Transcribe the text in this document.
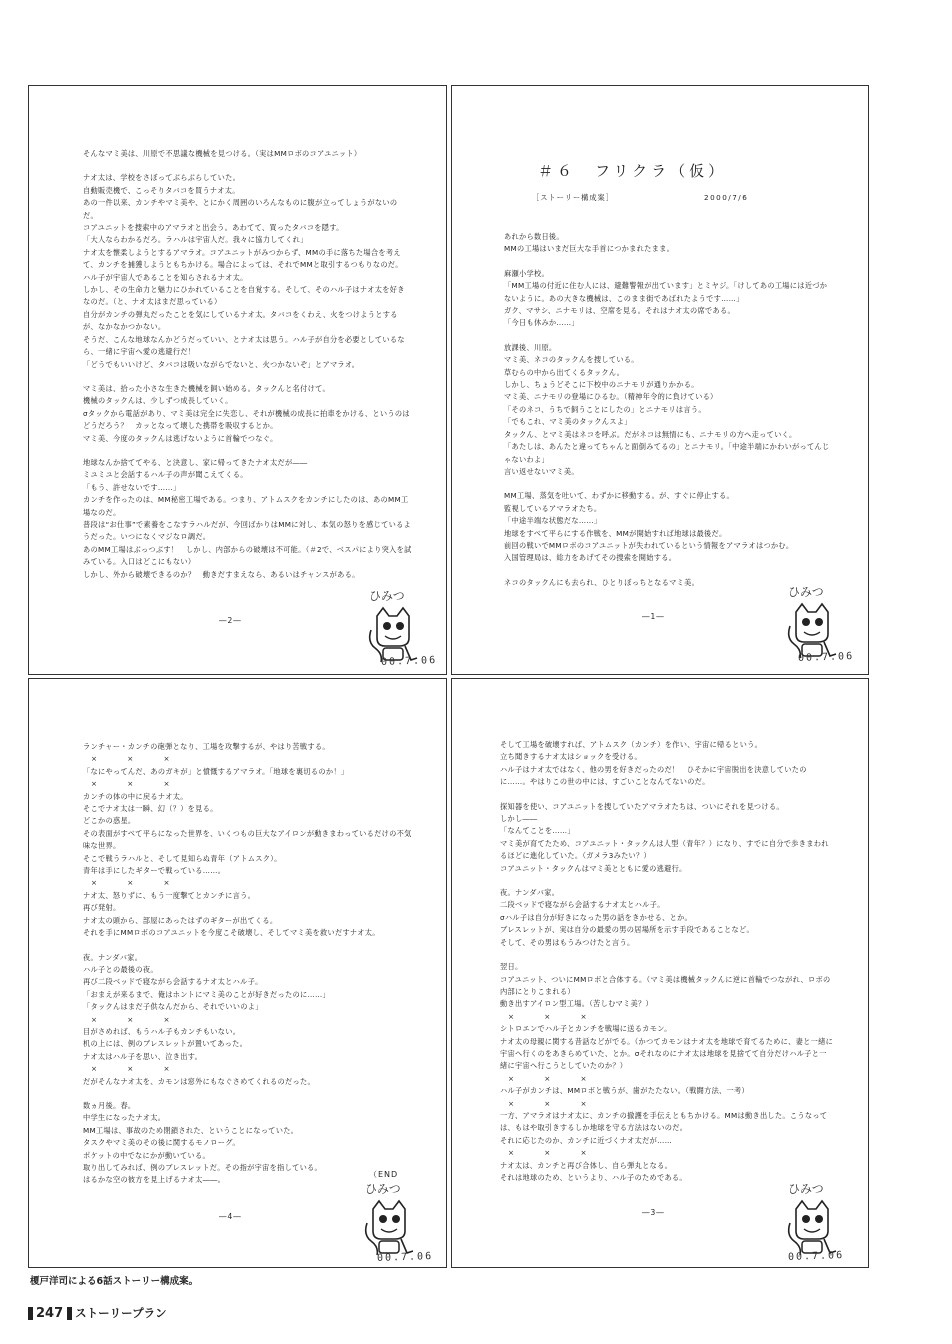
そんなマミ美は、川原で不思議な機械を見つける。（実はMMロボのコアユニット）

ナオ太は、学校をさぼってぶらぶらしていた。

自動販売機で、こっそりタバコを買うナオ太。

あの一件以来、カンチやマミ美や、とにかく周囲のいろんなものに腹が立ってしょうがないのだ。

コアユニットを捜索中のアマラオと出会う。あわてて、買ったタバコを隠す。

「大人ならわかるだろ。ラハルは宇宙人だ。我々に協力してくれ」

ナオ太を懐柔しようとするアマラオ。コアユニットがみつからず、MMの手に落ちた場合を考えて、カンチを捕獲しようともちかける。場合によっては、それでMMと取引するつもりなのだ。

ハル子が宇宙人であることを知らされるナオ太。

しかし、その生命力と魅力にひかれていることを自覚する。そして、そのハル子はナオ太を好きなのだ。（と、ナオ太はまだ思っている）

自分がカンチの弾丸だったことを気にしているナオ太。タバコをくわえ、火をつけようとするが、なかなかつかない。

そうだ、こんな地球なんかどうだっていい、とナオ太は思う。ハル子が自分を必要としているなら、一緒に宇宙へ愛の逃避行だ！

「どうでもいいけど、タバコは吸いながらでないと、火つかないぞ」とアマラオ。

マミ美は、拾った小さな生きた機械を飼い始める。タックんと名付けて。

機械のタックんは、少しずつ成長していく。

σタックから電話があり、マミ美は完全に失恋し、それが機械の成長に拍車をかける、というのはどうだろう？　カッとなって壊した携帯を吸収するとか。

マミ美、今度のタックんは逃げないように首輪でつなぐ。

地球なんか捨ててやる、と決意し、家に帰ってきたナオ太だが――

ミユミユと会話するハル子の声が聞こえてくる。

「もう、許せないです……」

カンチを作ったのは、MM秘密工場である。つまり、アトムスクをカンチにしたのは、あのMM工場なのだ。

普段は“お仕事”で素養をこなすラハルだが、今回ばかりはMMに対し、本気の怒りを感じているようだった。いつになくマジなロ調だ。

あのMM工場はぶっつぶす！　しかし、内部からの破壊は不可能。（＃2で、ベスパにより突入を試みている。入口はどこにもない）

しかし、外から破壊できるのか？　動きだすまえなら、あるいはチャンスがある。

―2―
ひみつ
00.7.06
＃６　フリクラ（仮）
［ストーリー構成案］	2000/7/6

あれから数日後。

MMの工場はいまだ巨大な手首につかまれたまま。

麻瀬小学校。

「MM工場の付近に住む人には、避難警報が出ています」とミヤジ。「けしてあの工場には近づかないように。あの大きな機械は、このまま街であばれたようです……」

ガク、マサシ、ニナモリは、空席を見る。それはナオ太の席である。

「今日も休みか……」

放課後、川原。

マミ美、ネコのタックんを捜している。

草むらの中から出てくるタックん。

しかし、ちょうどそこに下校中のニナモリが通りかかる。

マミ美、ニナモリの登場にひるむ。（精神年令的に負けている）

「そのネコ、うちで飼うことにしたの」とニナモリは言う。

「でもこれ、マミ美のタックんスよ」

タックん、とマミ美はネコを呼ぶ。だがネコは無情にも、ニナモリの方へ走っていく。

「あたしは、あんたと違ってちゃんと面倒みてるの」とニナモリ。「中途半端にかわいがってんじゃないわよ」

言い返せないマミ美。

MM工場、蒸気を吐いて、わずかに移動する。が、すぐに停止する。

監視しているアマラオたち。

「中途半端な状態だな……」

地球をすべて平らにする作戦を、MMが開始すれば地球は最後だ。

前回の戦いでMMロボのコアユニットが失われているという情報をアマラオはつかむ。

入国管理局は、総力をあげてその捜索を開始する。

ネコのタックんにも去られ、ひとりぼっちとなるマミ美。

―1―
ひみつ
00.7.06

ランチャー・カンチの砲弾となり、工場を攻撃するが、やはり苦戦する。

×　　　　×　　　　×

「なにやってんだ、あのガキが」と憤慨するアマラオ。「地球を裏切るのか！」

×　　　　×　　　　×

カンチの体の中に戻るナオ太。

そこでナオ太は一瞬、幻（？）を見る。

どこかの惑星。

その表面がすべて平らになった世界を、いくつもの巨大なアイロンが動きまわっているだけの不気味な世界。

そこで戦うラハルと、そして見知らぬ青年（アトムスク）。

青年は手にしたギターで戦っている……。

×　　　　×　　　　×

ナオ太、怒りずに、もう一度撃てとカンチに言う。

再び発射。

ナオ太の頭から、部屋にあったはずのギターが出てくる。

それを手にMMロボのコアユニットを今度こそ破壊し、そしてマミ美を救いだすナオ太。

夜。ナンダバ家。

ハル子との最後の夜。

再び二段ベッドで寝ながら会話するナオ太とハル子。

「おまえが来るまで、俺はホントにマミ美のことが好きだったのに……」

「タックんはまだ子供なんだから、それでいいのよ」

×　　　　×　　　　×

目がさめれば、もうハル子もカンチもいない。

机の上には、例のブレスレットが置いてあった。

ナオ太はハル子を思い、泣き出す。

×　　　　×　　　　×

だがそんなナオ太を、カモンは窓外にもなぐさめてくれるのだった。

数ヵ月後。春。

中学生になったナオ太。

MM工場は、事故のため閉鎖された、ということになっていた。

タスクやマミ美のその後に関するモノローグ。

ポケットの中でなにかが動いている。

取り出してみれば、例のブレスレットだ。その指が宇宙を指している。

はるかな空の彼方を見上げるナオ太――。

（END
―4―
ひみつ
00.7.06

そして工場を破壊すれば、アトムスク（カンチ）を作い、宇宙に帰るという。

立ち聞きするナオ太はショックを受ける。

ハル子はナオ太ではなく、他の男を好きだったのだ！　ひそかに宇宙脱出を決意していたのに……。やはりこの世の中には、すごいことなんてないのだ。

探知器を使い、コアユニットを捜していたアマラオたちは、ついにそれを見つける。

しかし――

「なんてことを……」

マミ美が育てたため、コアユニット・タックんは人型（青年？）になり、すでに自分で歩きまわれるほどに進化していた。（ガメラ3みたい？）

コアユニット・タックんはマミ美とともに愛の逃避行。

夜。ナンダバ家。

二段ベッドで寝ながら会話するナオ太とハル子。

σハル子は自分が好きになった男の話をきかせる、とか。

ブレスレットが、実は自分の最愛の男の居場所を示す手段であることなど。

そして、その男はもうみつけたと言う。

翌日。

コアユニット、ついにMMロボと合体する。（マミ美は機械タックんに逆に首輪でつながれ、ロボの内部にとりこまれる）

動き出すアイロン型工場。（苦しむマミ美？）

×　　　　×　　　　×

シトロエンでハル子とカンチを戦場に送るカモン。

ナオ太の母親に関する昔話などがでる。（かつてカモンはナオ太を地球で育てるために、妻と一緒に宇宙へ行くのをあきらめていた、とか。σそれなのにナオ太は地球を見捨てて自分だけハル子と一緒に宇宙へ行こうとしていたのか？）

×　　　　×　　　　×

ハル子がカンチは、MMロボと戦うが、歯がたたない。（戦闘方法、一考）

×　　　　×　　　　×

一方、アマラオはナオ太に、カンチの撤護を手伝えともちかける。MMは動き出した。こうなっては、もはや取引きするしか地球を守る方法はないのだ。

それに応じたのか、カンチに近づくナオ太だが……

×　　　　×　　　　×

ナオ太は、カンチと再び合体し、自ら弾丸となる。

それは地球のため、というより、ハル子のためである。

―3―
ひみつ
00.7.06
榎戸洋司による6話ストーリー構成案。
247 ストーリープラン
